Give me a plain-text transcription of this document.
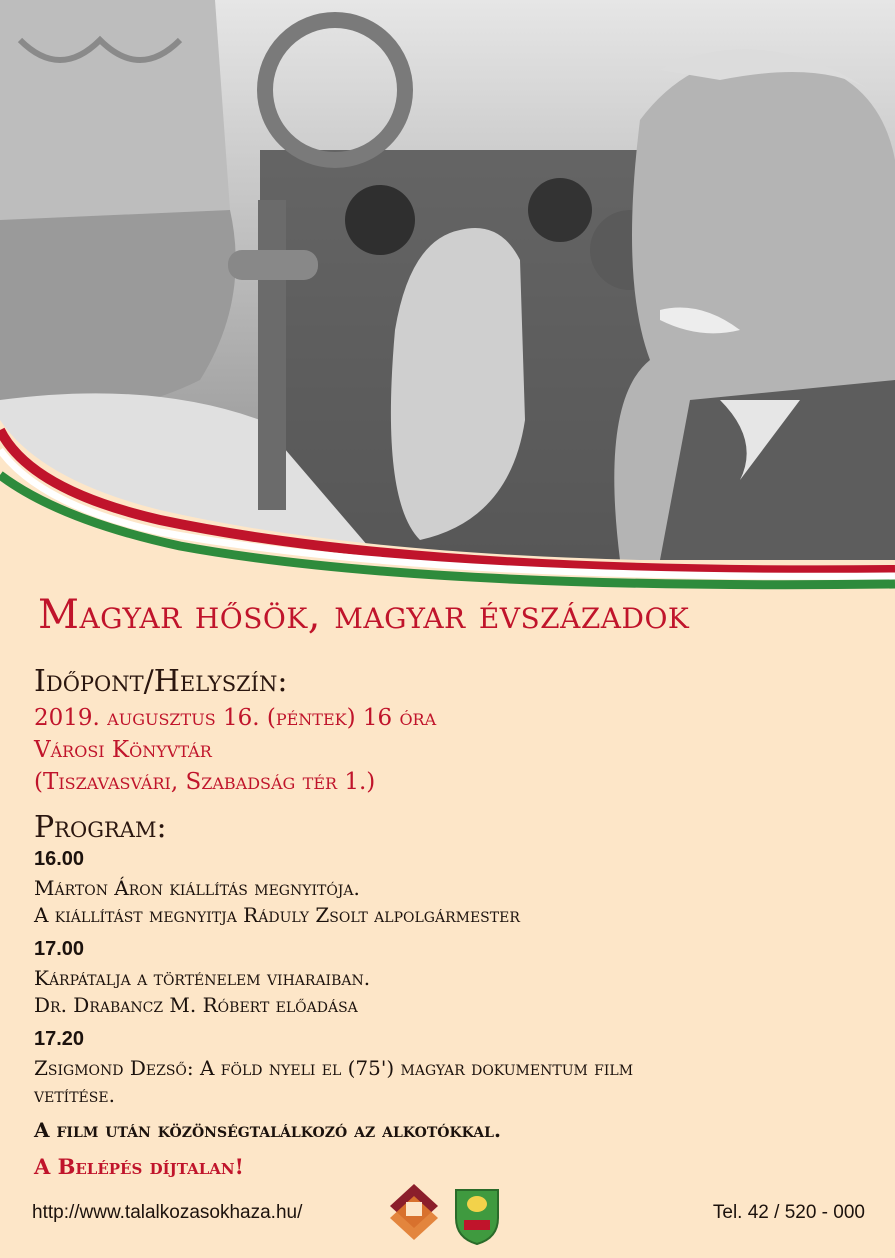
Magyar hősök, magyar évszázadok
Időpont/Helyszín:
2019. augusztus 16. (péntek) 16 óra
Városi Könyvtár
(Tiszavasvári, Szabadság tér 1.)
Program:
16.00
Márton Áron kiállítás megnyitója.
A kiállítást megnyitja Ráduly Zsolt alpolgármester
17.00
Kárpátalja a történelem viharaiban.
Dr. Drabancz M. Róbert előadása
17.20
Zsigmond Dezső: A föld nyeli el (75') magyar dokumentum film
vetítése.
A film után közönségtalálkozó az alkotókkal.
A Belépés díjtalan!
http://www.talalkozasokhaza.hu/	Tel. 42 / 520 - 000
